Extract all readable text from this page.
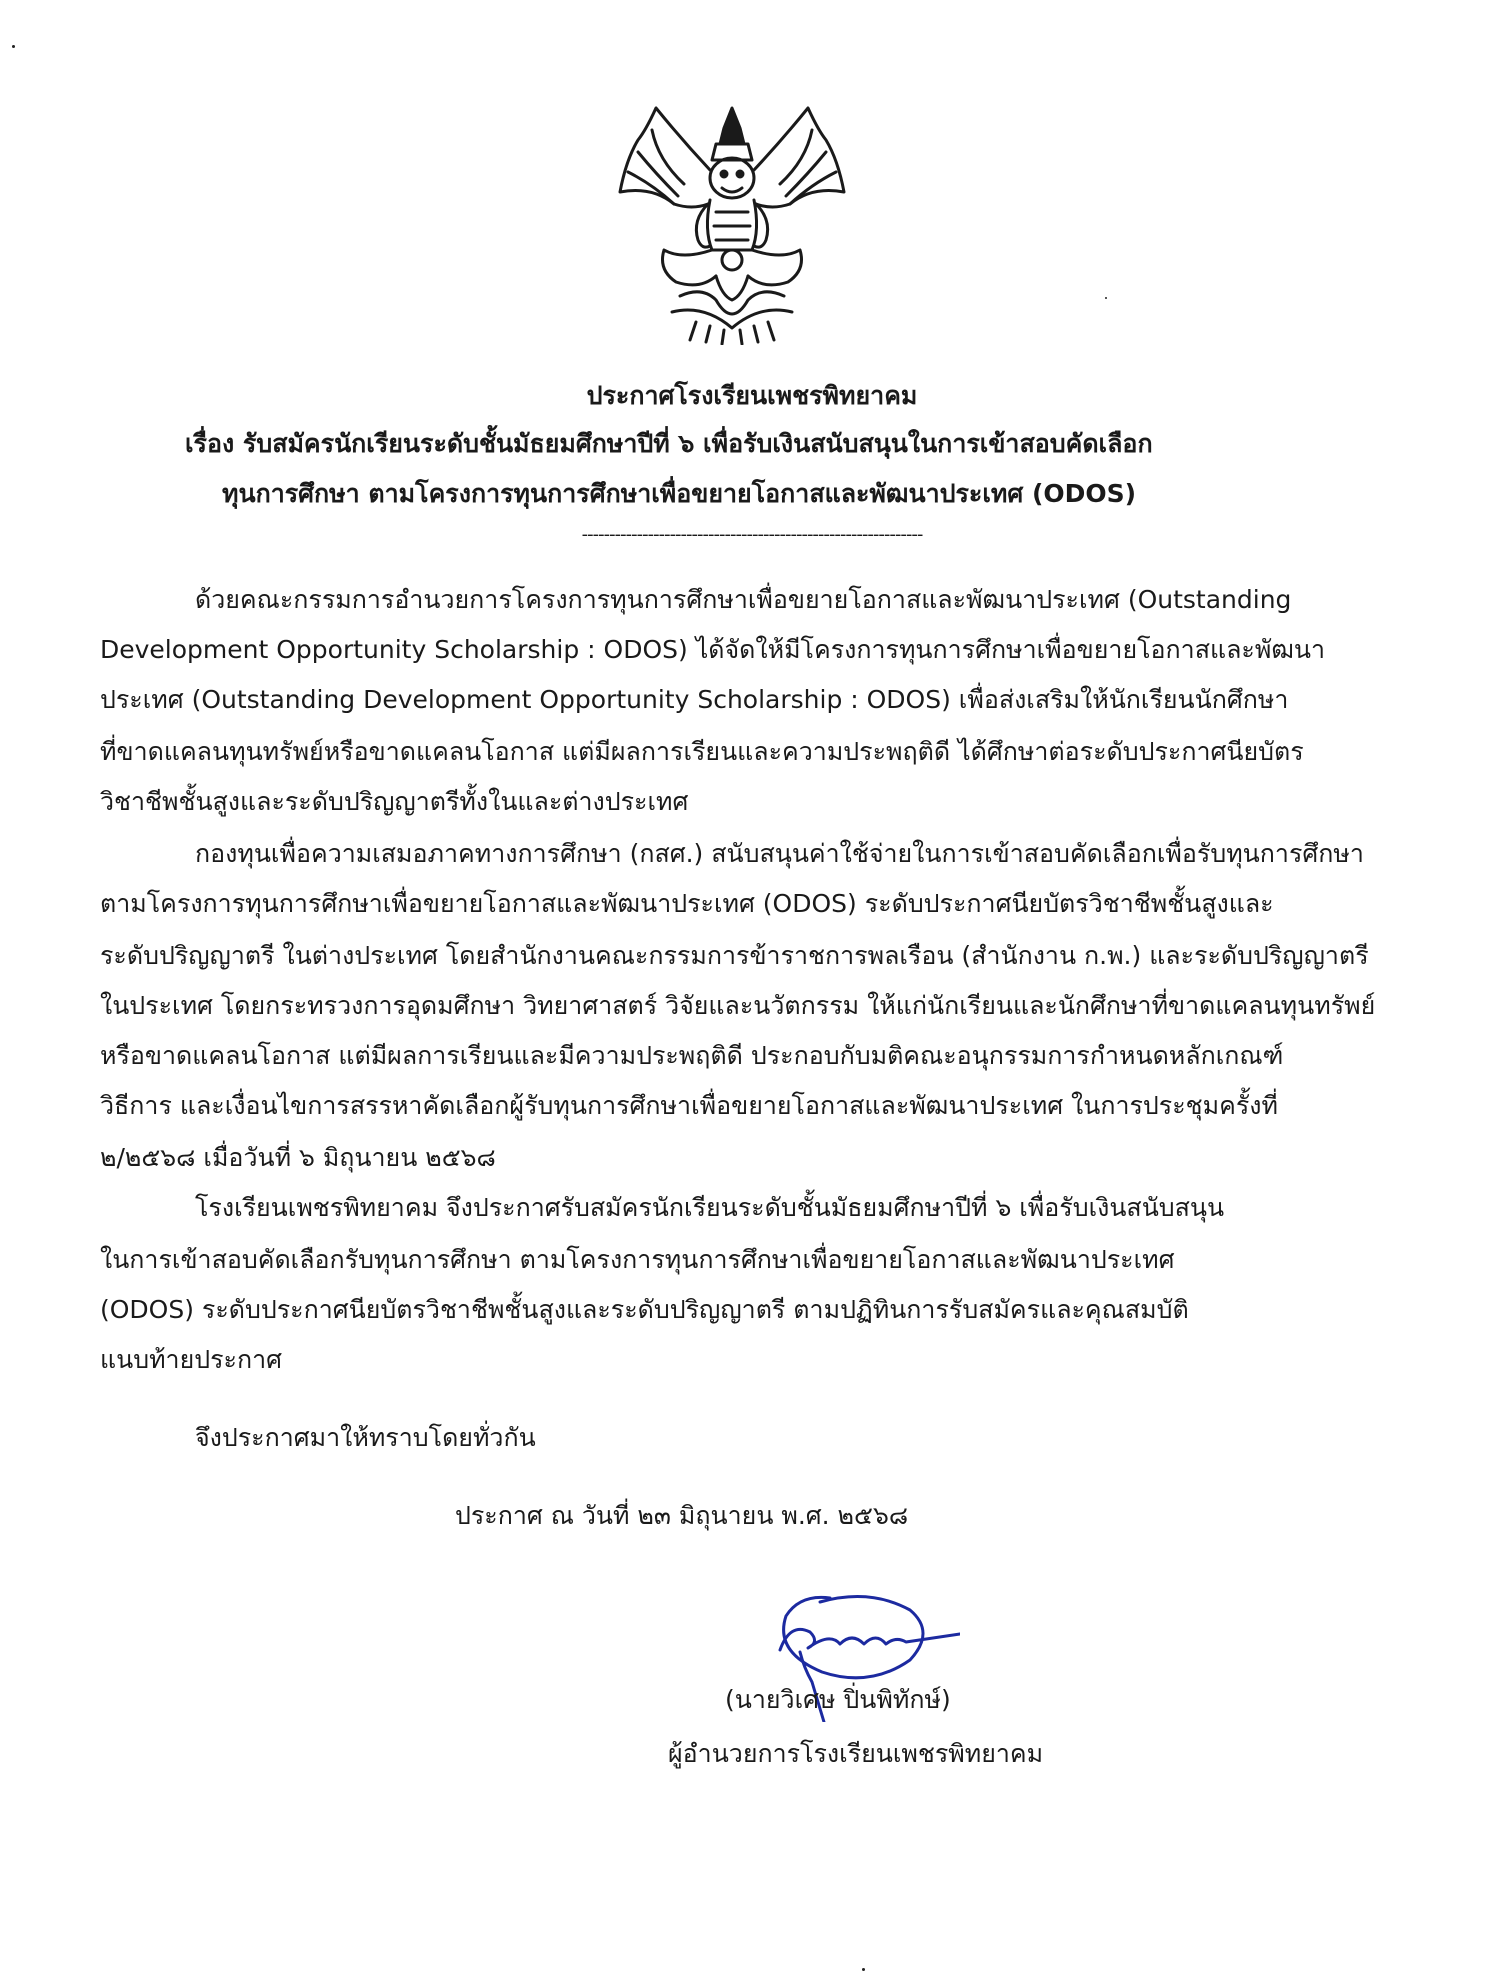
ประกาศโรงเรียนเพชรพิทยาคม
เรื่อง รับสมัครนักเรียนระดับชั้นมัธยมศึกษาปีที่ ๖ เพื่อรับเงินสนับสนุนในการเข้าสอบคัดเลือก
ทุนการศึกษา ตามโครงการทุนการศึกษาเพื่อขยายโอกาสและพัฒนาประเทศ (ODOS)
--------------------------------------------------------------
ด้วยคณะกรรมการอำนวยการโครงการทุนการศึกษาเพื่อขยายโอกาสและพัฒนาประเทศ (Outstanding
Development Opportunity Scholarship : ODOS) ได้จัดให้มีโครงการทุนการศึกษาเพื่อขยายโอกาสและพัฒนา
ประเทศ (Outstanding Development Opportunity Scholarship : ODOS) เพื่อส่งเสริมให้นักเรียนนักศึกษา
ที่ขาดแคลนทุนทรัพย์หรือขาดแคลนโอกาส แต่มีผลการเรียนและความประพฤติดี ได้ศึกษาต่อระดับประกาศนียบัตร
วิชาชีพชั้นสูงและระดับปริญญาตรีทั้งในและต่างประเทศ
กองทุนเพื่อความเสมอภาคทางการศึกษา (กสศ.) สนับสนุนค่าใช้จ่ายในการเข้าสอบคัดเลือกเพื่อรับทุนการศึกษา
ตามโครงการทุนการศึกษาเพื่อขยายโอกาสและพัฒนาประเทศ (ODOS) ระดับประกาศนียบัตรวิชาชีพชั้นสูงและ
ระดับปริญญาตรี ในต่างประเทศ โดยสำนักงานคณะกรรมการข้าราชการพลเรือน (สำนักงาน ก.พ.) และระดับปริญญาตรี
ในประเทศ โดยกระทรวงการอุดมศึกษา วิทยาศาสตร์ วิจัยและนวัตกรรม ให้แก่นักเรียนและนักศึกษาที่ขาดแคลนทุนทรัพย์
หรือขาดแคลนโอกาส แต่มีผลการเรียนและมีความประพฤติดี ประกอบกับมติคณะอนุกรรมการกำหนดหลักเกณฑ์
วิธีการ และเงื่อนไขการสรรหาคัดเลือกผู้รับทุนการศึกษาเพื่อขยายโอกาสและพัฒนาประเทศ ในการประชุมครั้งที่
๒/๒๕๖๘ เมื่อวันที่ ๖ มิถุนายน ๒๕๖๘
โรงเรียนเพชรพิทยาคม จึงประกาศรับสมัครนักเรียนระดับชั้นมัธยมศึกษาปีที่ ๖ เพื่อรับเงินสนับสนุน
ในการเข้าสอบคัดเลือกรับทุนการศึกษา ตามโครงการทุนการศึกษาเพื่อขยายโอกาสและพัฒนาประเทศ
(ODOS) ระดับประกาศนียบัตรวิชาชีพชั้นสูงและระดับปริญญาตรี ตามปฏิทินการรับสมัครและคุณสมบัติ
แนบท้ายประกาศ
จึงประกาศมาให้ทราบโดยทั่วกัน
ประกาศ ณ วันที่ ๒๓ มิถุนายน พ.ศ. ๒๕๖๘
(นายวิเศษ ปิ่นพิทักษ์)
ผู้อำนวยการโรงเรียนเพชรพิทยาคม
